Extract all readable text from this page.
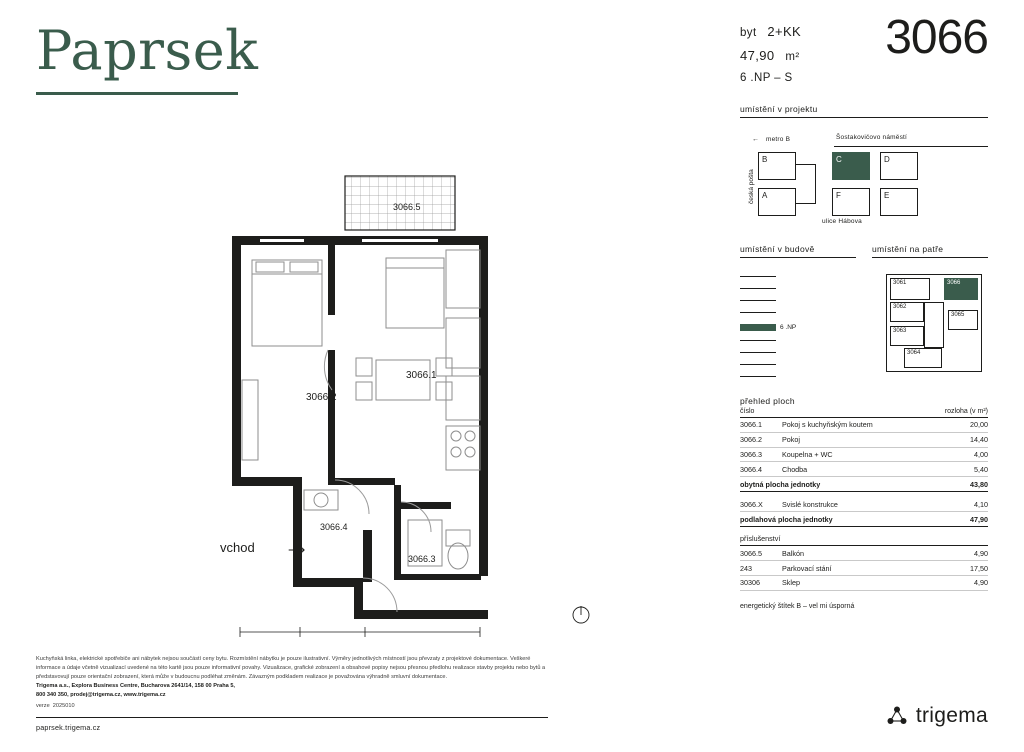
Paprsek	byt 2+KK
47,90 m²
6 .NP – S
3066
umístění v projektu
← metro B
česká pošta
Šostakovičovo náměstí
B
A
C
F
D
E
ulice Hábova
umístění v budově
6 .NP
umístění na patře
3061	3066
3062
3065
3063
3064
přehled ploch
číslo		rozloha (v m²)
3066.1	Pokoj s kuchyňským koutem	20,00
3066.2	Pokoj	14,40
3066.3	Koupelna + WC	4,00
3066.4	Chodba	5,40
obytná plocha jednotky		43,80
3066.X	Svislé konstrukce	4,10
podlahová plocha jednotky		47,90
příslušenství		
3066.5	Balkón	4,90
243	Parkovací stání	17,50
30306	Sklep	4,90
energetický štítek B – vel mi úsporná
3066.5
3066.1
3066.2
3066.4
3066.3
vchod	⟶
Kuchyňská linka, elektrické spotřebiče ani nábytek nejsou součástí ceny bytu. Rozmístění nábytku je pouze ilustrativní. Výměry jednotlivých místností jsou převzaty z projektové dokumentace. Veškeré informace a údaje včetně vizualizací uvedené na této kartě jsou pouze informativní povahy. Vizualizace, grafické zobrazení a obsahové popisy nejsou přesnou předlohu realizace stavby projektu nebo bytů a představovují pouze orientační zobrazení, která může v budoucnu podléhat změnám. Závazným podkladem realizace je považována výhradně smluvní dokumentace.
Trigema a.s., Explora Business Centre, Bucharova 2641/14, 158 00 Praha 5,
800 340 350, prodej@trigema.cz, www.trigema.cz
verze 2025010
paprsek.trigema.cz
trigema
